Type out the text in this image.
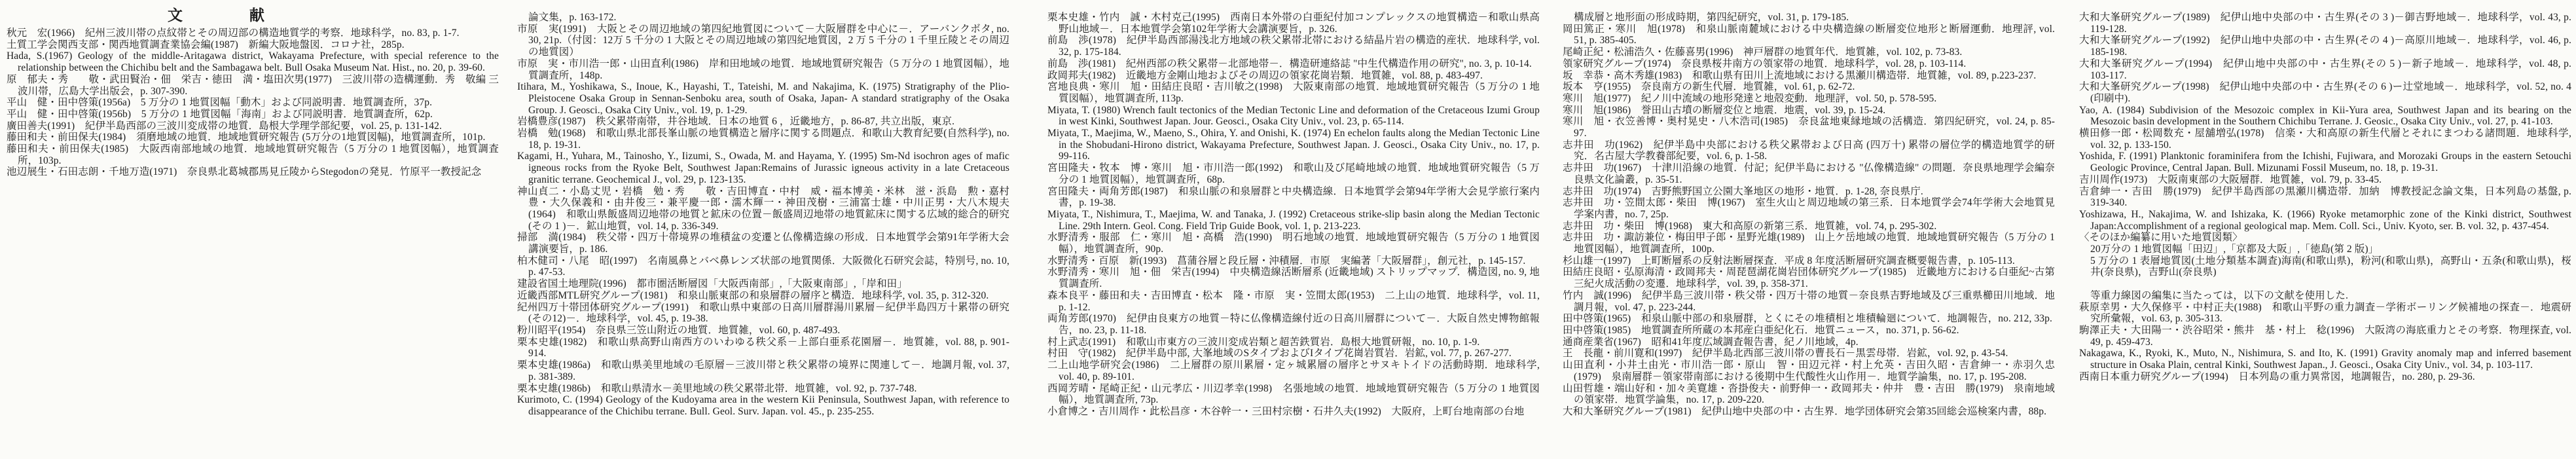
文 献

秋元　宏(1966)　紀州三波川帯の点紋帯とその周辺部の構造地質学的考察．地球科学，no. 83, p. 1-7.

土質工学会関西支部・関西地質調査業協会編(1987)　新編大阪地盤図．コロナ社，285p.

Hada, S.(1967) Geology of the middle-Aritagawa district, Wakayama Prefecture, with special reference to the relationship between the Chichibu belt and the Sambagawa belt. Bull Osaka Museum Nat. Hist., no. 20, p. 39-60.

原　郁夫・秀　　敬・武田賢治・佃　栄吉・徳田　満・塩田次男(1977)　三波川帯の造構運動．秀　敬編 三波川帯，広島大学出版会，p. 307-390.

平山　健・田中啓策(1956a)　5 万分の 1 地質図幅「動木」および同説明書．地質調査所，37p.

平山　健・田中啓策(1956b)　5 万分の 1 地質図幅「海南」および同説明書．地質調査所，62p.

廣田善夫(1991)　紀伊半島西部の三波川変成帯の地質．島根大学理学部紀要，vol. 25, p. 131-142.

藤田和夫・前田保夫(1984)　須磨地域の地質．地域地質研究報告 (5万分の1地質図幅)，地質調査所，101p.

藤田和夫・前田保夫(1985)　大阪西南部地域の地質．地域地質研究報告（5 万分の 1 地質図幅），地質調査所，103p.

池辺展生・石田志朗・千地万造(1971)　奈良県北葛城郡馬見丘陵からStegodonの発見．竹原平一教授記念

論文集，p. 163-172.

市原　実(1991)　大阪とその周辺地域の第四紀地質図について－大阪層群を中心に－．アーバンクボタ, no. 30, 21p.（付図：12万 5 千分の 1 大阪とその周辺地域の第四紀地質図，2 万 5 千分の 1 千里丘陵とその周辺の地質図）

市原　実・市川浩一郎・山田直利(1986)　岸和田地域の地質．地域地質研究報告（5 万分の 1 地質図幅），地質調査所，148p.

Itihara, M., Yoshikawa, S., Inoue, K., Hayashi, T., Tateishi, M. and Nakajima, K. (1975) Stratigraphy of the Plio-Pleistocene Osaka Group in Sennan-Senboku area, south of Osaka, Japan- A standard stratigraphy of the Osaka Group. J. Geosci., Osaka City Univ., vol. 19, p. 1-29.

岩橋豊彦(1987)　秩父累帯南帯，井谷地域．日本の地質 6 ，近畿地方，p. 86-87, 共立出版，東京.

岩橋　勉(1968)　和歌山県北部長峯山脈の地質構造と層序に関する問題点．和歌山大教育紀要(自然科学), no. 18, p. 19-31.

Kagami, H., Yuhara, M., Tainosho, Y., Iizumi, S., Owada, M. and Hayama, Y. (1995) Sm-Nd isochron ages of mafic igneous rocks from the Ryoke Belt, Southwest Japan:Remains of Jurassic igneous activity in a late Cretaceous granitic terrane. Geochemical J., vol. 29, p. 123-135.

神山貞二・小島丈児・岩橋　勉・秀　　敬・吉田博直・中村　威・福本博美・米林　滋・浜島　勲・嘉村豊・大久保義和・由井俊三・兼平慶一郎・濡木輝一・神田茂樹・三浦富士雄・中川正男・大八木規夫(1964)　和歌山県飯盛周辺地帯の地質と鉱床の位置－飯盛周辺地帯の地質鉱床に関する広域的総合的研究(その 1 )－．鉱山地質，vol. 14, p. 336-349.

掃部　満(1984)　秩父帯・四万十帯境界の堆積盆の変遷と仏像構造線の形成．日本地質学会第91年学術大会講演要旨，p. 186.

柏木健司・八尾　昭(1997)　名南風鼻とバベ鼻レンズ状部の地質関係．大阪微化石研究会誌，特別号, no. 10, p. 47-53.

建設省国土地理院(1996)　都市圏活断層図「大阪西南部」,「大阪東南部」,「岸和田」

近畿西部MTL研究グループ(1981)　和泉山脈東部の和泉層群の層序と構造．地球科学, vol. 35, p. 312-320.

紀州四万十帯団体研究グループ(1991)　和歌山県中東部の日高川層群湯川累層－紀伊半島四万十累帯の研究(その12)－．地球科学，vol. 45, p. 19-38.

粉川昭平(1954)　奈良県三笠山附近の地質．地質雑，vol. 60, p. 487-493.

栗本史雄(1982)　和歌山県高野山南西方のいわゆる秩父系－上部白亜系花園層－．地質雑，vol. 88, p. 901-914.

栗本史雄(1986a)　和歌山県美里地域の毛原層－三波川帯と秩父累帯の境界に関連して－．地調月報, vol. 37, p. 381-389.

栗本史雄(1986b)　和歌山県清水－美里地域の秩父累帯北帯．地質雑，vol. 92, p. 737-748.

Kurimoto, C. (1994) Geology of the Kudoyama area in the western Kii Peninsula, Southwest Japan, with reference to disappearance of the Chichibu terrane. Bull. Geol. Surv. Japan. vol. 45., p. 235-255.

栗本史雄・竹内　誠・木村克己(1995)　西南日本外帯の白亜紀付加コンプレックスの地質構造－和歌山県高野山地域－．日本地質学会第102年学術大会講演要旨，p. 326.

前島　渉(1978)　紀伊半島西部湯浅北方地域の秩父累帯北帯における結晶片岩の構造的産状．地球科学, vol. 32, p. 175-184.

前島　渉(1981)　紀州西部の秩父累帯－北部地帯－．構造研連絡誌 "中生代構造作用の研究", no. 3, p. 10-14.

政岡邦夫(1982)　近畿地方金剛山地およびその周辺の領家花崗岩類．地質雑，vol. 88, p. 483-497.

宮地良典・寒川　旭・田結庄良昭・吉川敏之(1998)　大阪東南部の地質．地域地質研究報告（5 万分の 1 地質図幅），地質調査所, 113p.

Miyata, T. (1980) Wrench fault tectonics of the Median Tectonic Line and deformation of the Cretaceous Izumi Group in west Kinki, Southwest Japan. Jour. Geosci., Osaka City Univ., vol. 23, p. 65-114.

Miyata, T., Maejima, W., Maeno, S., Ohira, Y. and Onishi, K. (1974) En echelon faults along the Median Tectonic Line in the Shobudani-Hirono district, Wakayama Prefecture, Southwest Japan. J. Geosci., Osaka City Univ., no. 17, p. 99-116.

宮田隆夫・牧本　博・寒川　旭・市川浩一郎(1992)　和歌山及び尾崎地域の地質．地域地質研究報告（5 万分の 1 地質図幅），地質調査所，68p.

宮田隆夫・両角芳郎(1987)　和泉山脈の和泉層群と中央構造線．日本地質学会第94年学術大会見学旅行案内書，p. 19-38.

Miyata, T., Nishimura, T., Maejima, W. and Tanaka, J. (1992) Cretaceous strike-slip basin along the Median Tectonic Line. 29th Intern. Geol. Cong. Field Trip Guide Book, vol. 1, p. 213-223.

水野清秀・服部　仁・寒川　旭・高橋　浩(1990)　明石地域の地質．地域地質研究報告（5 万分の 1 地質図幅），地質調査所，90p.

水野清秀・百原　新(1993)　菖蒲谷層と段丘層・沖積層．市原　実編著「大阪層群」，創元社，p. 145-157.

水野清秀・寒川　旭・佃　栄吉(1994)　中央構造線活断層系 (近畿地域) ストリップマップ．構造図, no. 9, 地質調査所.

森本良平・藤田和夫・吉田博直・松本　隆・市原　実・笠間太郎(1953)　二上山の地質．地球科学，vol. 11, p. 1-12.

両角芳郎(1970)　紀伊由良東方の地質－特に仏像構造線付近の日高川層群について－．大阪自然史博物館報告，no. 23, p. 11-18.

村上武志(1991)　和歌山市東方の三波川変成岩類と超苦鉄質岩．島根大地質研報，no. 10, p. 1-9.

村田　守(1982)　紀伊半島中部, 大峯地域のSタイプおよびIタイプ花崗岩質岩．岩鉱, vol. 77, p. 267-277.

二上山地学研究会(1986)　二上層群の原川累層・定ヶ城累層の層序とサヌキトイドの活動時期．地球科学, vol. 40, p. 89-101.

西岡芳晴・尾崎正紀・山元孝広・川辺孝幸(1998)　名張地域の地質．地域地質研究報告（5 万分の 1 地質図幅），地質調査所, 73p.

小倉博之・吉川周作・此松昌彦・木谷幹一・三田村宗樹・石井久夫(1992)　大阪府，上町台地南部の台地

構成層と地形面の形成時期，第四紀研究，vol. 31, p. 179-185.

岡田篤正・寒川　旭(1978)　和泉山脈南麓域における中央構造線の断層変位地形と断層運動．地理評, vol. 51, p. 385-405.

尾崎正紀・松浦浩久・佐藤喜男(1996)　神戸層群の地質年代．地質雑，vol. 102, p. 73-83.

領家研究グループ(1974)　奈良県桜井南方の領家帯の地質．地球科学，vol. 28, p. 103-114.

坂　幸恭・高木秀雄(1983)　和歌山県有田川上流地域における黒瀬川構造帯．地質雑，vol. 89, p.223-237.

坂本　亨(1955)　奈良南方の新生代層．地質雑，vol. 61, p. 62-72.

寒川　旭(1977)　紀ノ川中流域の地形発達と地殻変動．地理評，vol. 50, p. 578-595.

寒川　旭(1986)　誉田山古墳の断層変位と地震．地震，vol. 39, p. 15-24.

寒川　旭・衣笠善博・奥村晃史・八木浩司(1985)　奈良盆地東縁地域の活構造．第四紀研究，vol. 24, p. 85-97.

志井田　功(1962)　紀伊半島中央部における秩父累帯および日高 (四万十) 累帯の層位学的構造地質学的研究．名古屋大学教養部紀要，vol. 6, p. 1-58.

志井田　功(1967)　十津川沿線の地質．付記；紀伊半島における "仏像構造線" の問題．奈良県地理学会編奈良県文化論叢，p. 35-51.

志井田　功(1974)　吉野熊野国立公園大峯地区の地形・地質．p. 1-28, 奈良県庁.

志井田　功・笠間太郎・柴田　博(1967)　室生火山と周辺地域の第三系．日本地質学会74年学術大会地質見学案内書，no. 7, 25p.

志井田　功・柴田　博(1968)　東大和高原の新第三系．地質雑，vol. 74, p. 295-302.

志井田　功・諏訪兼位・梅田甲子郎・星野光雄(1989)　山上ケ岳地域の地質．地域地質研究報告（5 万分の 1 地質図幅），地質調査所，100p.

杉山雄一(1997)　上町断層系の反射法断層探査．平成 8 年度活断層研究調査概要報告書，p. 105-113.

田結庄良昭・弘原海清・政岡邦夫・周琵琶湖花崗岩団体研究グループ(1985)　近畿地方における白亜紀~古第三紀火成活動の変遷．地球科学，vol. 39, p. 358-371.

竹内　誠(1996)　紀伊半島三波川帯・秩父帯・四万十帯の地質－奈良県吉野地域及び三重県櫛田川地域．地調月報，vol. 47, p. 223-244.

田中啓策(1965)　和泉山脈中部の和泉層群，とくにその堆積相と堆積輪廻について．地調報告，no. 212, 33p.

田中啓策(1985)　地質調査所所蔵の本邦産白亜紀化石．地質ニュース，no. 371, p. 56-62.

通商産業省(1967)　昭和41年度広域調査報告書，紀ノ川地域，4p.

王　長龍・前川寛和(1997)　紀伊半島北西部三波川帯の曹長石－黒雲母帯．岩鉱，vol. 92, p. 43-54.

山田直利・小井土由光・市川浩一郎・原山　智・田辺元祥・村上允英・吉田久昭・吉倉紳一・赤羽久忠 (1979)　泉南層群－領家帯南部における後期中生代酸性火山作用－．地質学論集，no. 17, p. 195-208.

山田哲雄・端山好和・加々美寛雄・沓掛俊夫・前野伸一・政岡邦夫・仲井　豊・吉田　勝(1979)　泉南地域の領家帯．地質学論集，no. 17, p. 209-220.

大和大峯研究グループ(1981)　紀伊山地中央部の中・古生界．地学団体研究会第35回総会巡検案内書，88p.

大和大峯研究グループ(1989)　紀伊山地中央部の中・古生界(その 3 )－御吉野地域－．地球科学，vol. 43, p. 119-128.

大和大峯研究グループ(1992)　紀伊山地中央部の中・古生界(その 4 )－高原川地域－．地球科学，vol. 46, p. 185-198.

大和大峯研究グループ(1994)　紀伊山地中央部の中・古生界(その 5 )－新子地域－．地球科学，vol. 48, p. 103-117.

大和大峯研究グループ(1998)　紀伊山地中央部の中・古生界(その 6 )ー辻堂地域－．地球科学，vol. 52, no. 4 (印刷中).

Yao, A. (1984) Subdivision of the Mesozoic complex in Kii-Yura area, Southwest Japan and its bearing on the Mesozoic basin development in the Southern Chichibu Terrane. J. Geosic., Osaka City Univ., vol. 27, p. 41-103.

横田修一郎・松岡数充・屋舖増弘(1978)　信楽・大和高原の新生代層とそれにまつわる諸問題．地球科学, vol. 32, p. 133-150.

Yoshida, F. (1991) Planktonic foraminifera from the Ichishi, Fujiwara, and Morozaki Groups in the eastern Setouchi Geologic Province, Central Japan. Bull. Mizunami Fossil Museum, no. 18, p. 19-31.

吉川周作(1973)　大阪南東部の大阪層群．地質雑，vol. 79, p. 33-45.

吉倉紳一・吉田　勝(1979)　紀伊半島西部の黒瀬川構造帯．加納　博教授記念論文集，日本列島の基盤, p. 319-340.

Yoshizawa, H., Nakajima, W. and Ishizaka, K. (1966) Ryoke metamorphic zone of the Kinki district, Southwest Japan:Accomplishment of a regional geological map. Mem. Coll. Sci., Univ. Kyoto, ser. B. vol. 32, p. 437-454.

〈そのほか編纂に用いた地質図類〉

20万分の 1 地質図幅「田辺」,「京都及大阪」,「徳島(第 2 版)」

5 万分の 1 表層地質図(土地分類基本調査)海南(和歌山県)，粉河(和歌山県)，高野山・五条(和歌山県)，桜井(奈良県)，吉野山(奈良県)

等重力線図の編集に当たっては，以下の文献を使用した.

萩原幸男・大久保修平・中村正夫(1988)　和歌山平野の重力調査－学術ボーリング候補地の探査－．地震研究所彙報，vol. 63, p. 305-313.

駒澤正夫・大田陽一・渋谷昭栄・熊井　基・村上　稔(1996)　大阪湾の海底重力とその考察．物理探査, vol. 49, p. 459-473.

Nakagawa, K., Ryoki, K., Muto, N., Nishimura, S. and Ito, K. (1991) Gravity anomaly map and inferred basement structure in Osaka Plain, central Kinki, Southwest Japan., J. Geosci., Osaka City Univ., vol. 34, p. 103-117.

西南日本重力研究グループ(1994)　日本列島の重力異常図，地調報告，no. 280, p. 29-36.
